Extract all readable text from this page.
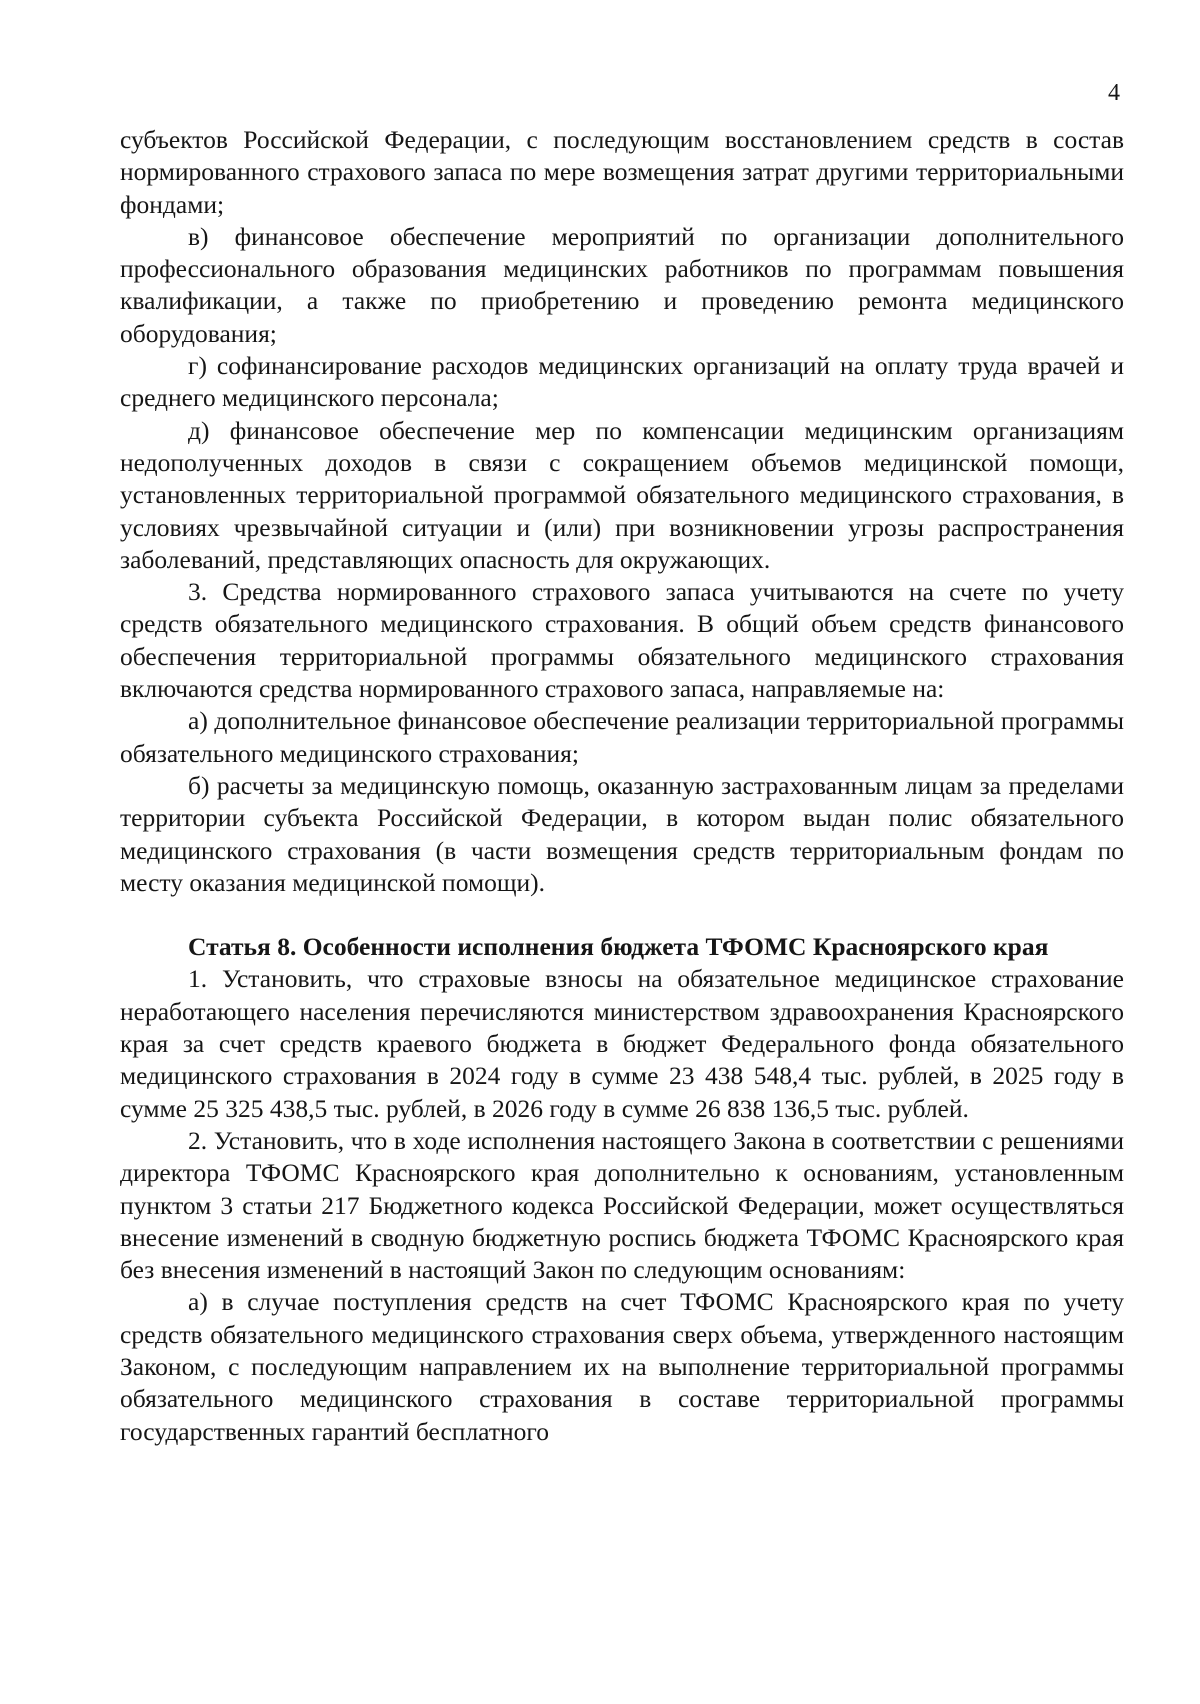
4

субъектов Российской Федерации, с последующим восстановлением средств в состав нормированного страхового запаса по мере возмещения затрат другими территориальными фондами;

в) финансовое обеспечение мероприятий по организации дополнительного профессионального образования медицинских работников по программам повышения квалификации, а также по приобретению и проведению ремонта медицинского оборудования;

г) софинансирование расходов медицинских организаций на оплату труда врачей и среднего медицинского персонала;

д) финансовое обеспечение мер по компенсации медицинским организациям недополученных доходов в связи с сокращением объемов медицинской помощи, установленных территориальной программой обязательного медицинского страхования, в условиях чрезвычайной ситуации и (или) при возникновении угрозы распространения заболеваний, представляющих опасность для окружающих.

3. Средства нормированного страхового запаса учитываются на счете по учету средств обязательного медицинского страхования. В общий объем средств финансового обеспечения территориальной программы обязательного медицинского страхования включаются средства нормированного страхового запаса, направляемые на:

а) дополнительное финансовое обеспечение реализации территориальной программы обязательного медицинского страхования;

б) расчеты за медицинскую помощь, оказанную застрахованным лицам за пределами территории субъекта Российской Федерации, в котором выдан полис обязательного медицинского страхования (в части возмещения средств территориальным фондам по месту оказания медицинской помощи).

Статья 8. Особенности исполнения бюджета ТФОМС Красноярского края

1. Установить, что страховые взносы на обязательное медицинское страхование неработающего населения перечисляются министерством здравоохранения Красноярского края за счет средств краевого бюджета в бюджет Федерального фонда обязательного медицинского страхования в 2024 году в сумме 23 438 548,4 тыс. рублей, в 2025 году в сумме 25 325 438,5 тыс. рублей, в 2026 году в сумме 26 838 136,5 тыс. рублей.

2. Установить, что в ходе исполнения настоящего Закона в соответствии с решениями директора ТФОМС Красноярского края дополнительно к основаниям, установленным пунктом 3 статьи 217 Бюджетного кодекса Российской Федерации, может осуществляться внесение изменений в сводную бюджетную роспись бюджета ТФОМС Красноярского края без внесения изменений в настоящий Закон по следующим основаниям:

а) в случае поступления средств на счет ТФОМС Красноярского края по учету средств обязательного медицинского страхования сверх объема, утвержденного настоящим Законом, с последующим направлением их на выполнение территориальной программы обязательного медицинского страхования в составе территориальной программы государственных гарантий бесплатного
